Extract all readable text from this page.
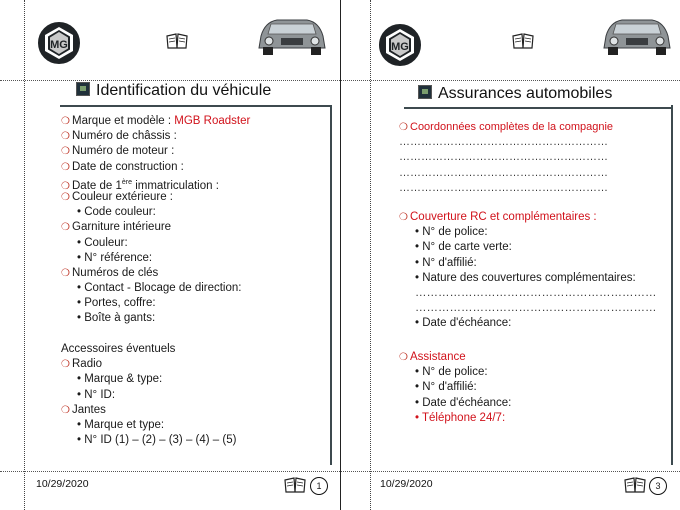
MG
Identification du véhicule
❍ Marque et modèle : MGB Roadster
❍ Numéro de châssis :
❍ Numéro de moteur :
❍ Date de construction :
❍ Date de 1ère immatriculation :
❍ Couleur extérieure :
• Code couleur:
❍ Garniture intérieure
• Couleur:
• N° référence:
❍ Numéros de clés
• Contact - Blocage de direction:
• Portes, coffre:
• Boîte à gants:
Accessoires éventuels
❍ Radio
• Marque & type:
• N° ID:
❍ Jantes
• Marque et type:
• N° ID (1) – (2) – (3) – (4) – (5)
10/29/2020	1
MG
Assurances automobiles
❍ Coordonnées complètes de la compagnie
…………………………………………………
…………………………………………………
…………………………………………………
…………………………………………………
❍ Couverture RC et complémentaires :
• N° de police:
• N° de carte verte:
• N° d'affilié:
• Nature des couvertures complémentaires:
………………………………………………………
………………………………………………………
• Date d'échéance:
❍ Assistance
• N° de police:
• N° d'affilié:
• Date d'échéance:
• Téléphone 24/7:
10/29/2020	3
